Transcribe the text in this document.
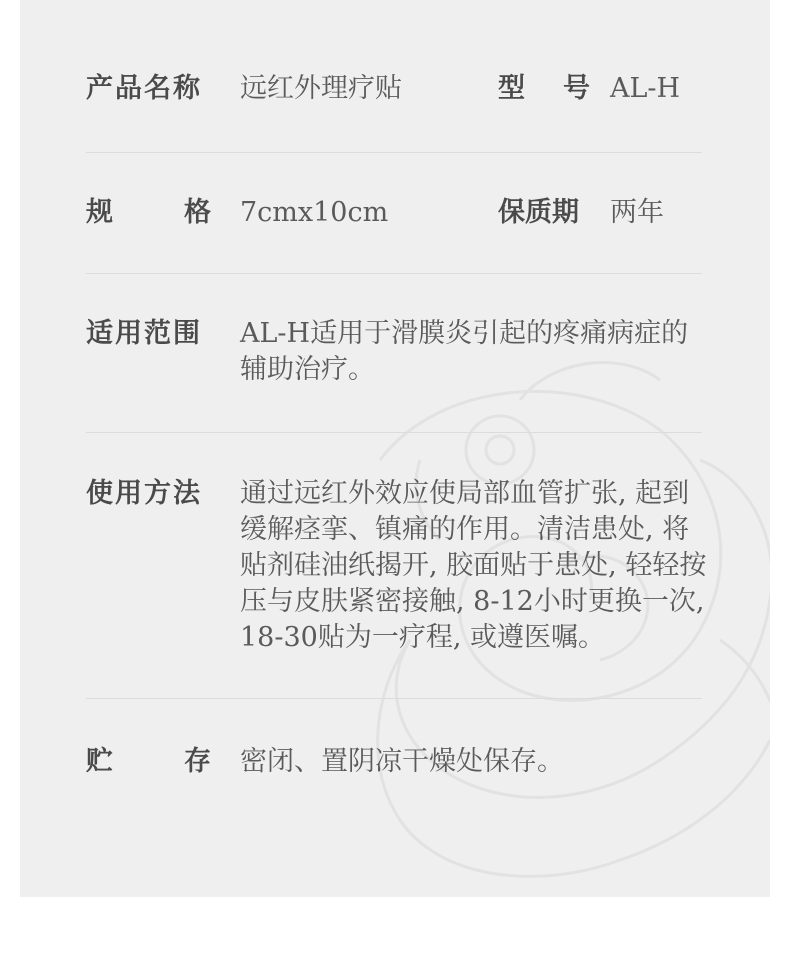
产品名称	远红外理疗贴	型 号 AL-H
规 格 7cmx10cm	保质期	两年
适用范围	AL-H适用于滑膜炎引起的疼痛病症的辅助治疗。
使用方法	通过远红外效应使局部血管扩张, 起到缓解痉挛、镇痛的作用。清洁患处, 将贴剂硅油纸揭开, 胶面贴于患处, 轻轻按压与皮肤紧密接触, 8-12小时更换一次, 18-30贴为一疗程, 或遵医嘱。
贮 存 密闭、置阴凉干燥处保存。
